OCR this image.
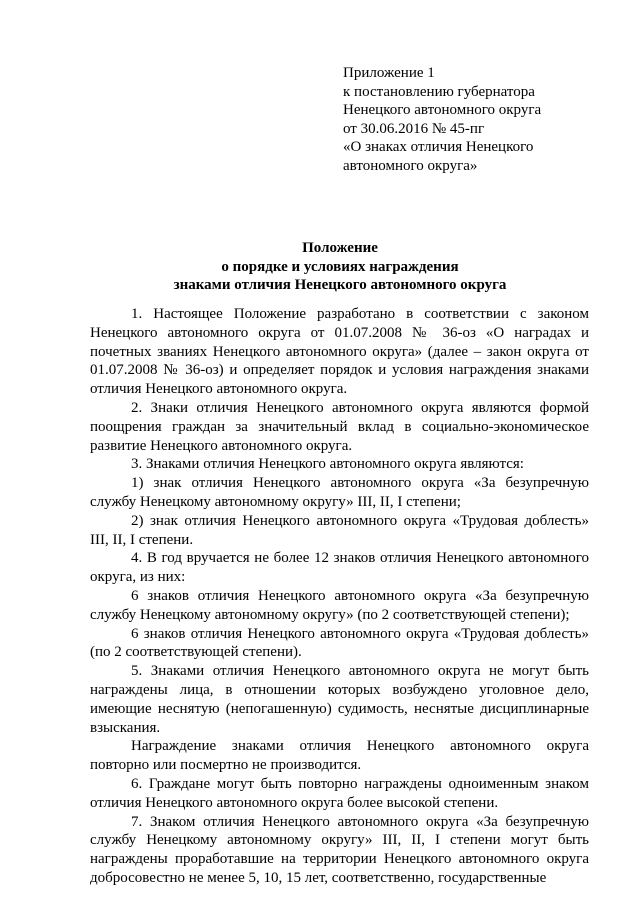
Приложение 1
к постановлению губернатора
Ненецкого автономного округа
от 30.06.2016 № 45-пг
«О знаках отличия Ненецкого
автономного округа»
Положение
о порядке и условиях награждения
знаками отличия Ненецкого автономного округа

1. Настоящее Положение разработано в соответствии с законом Ненецкого автономного округа от 01.07.2008 № 36-оз «О наградах и почетных званиях Ненецкого автономного округа» (далее – закон округа от 01.07.2008 № 36-оз) и определяет порядок и условия награждения знаками отличия Ненецкого автономного округа.

2. Знаки отличия Ненецкого автономного округа являются формой поощрения граждан за значительный вклад в социально-экономическое развитие Ненецкого автономного округа.

3. Знаками отличия Ненецкого автономного округа являются:

1) знак отличия Ненецкого автономного округа «За безупречную службу Ненецкому автономному округу» III, II, I степени;

2) знак отличия Ненецкого автономного округа «Трудовая доблесть» III, II, I степени.

4. В год вручается не более 12 знаков отличия Ненецкого автономного округа, из них:

6 знаков отличия Ненецкого автономного округа «За безупречную службу Ненецкому автономному округу» (по 2 соответствующей степени);

6 знаков отличия Ненецкого автономного округа «Трудовая доблесть» (по 2 соответствующей степени).

5. Знаками отличия Ненецкого автономного округа не могут быть награждены лица, в отношении которых возбуждено уголовное дело, имеющие неснятую (непогашенную) судимость, неснятые дисциплинарные взыскания.

Награждение знаками отличия Ненецкого автономного округа повторно или посмертно не производится.

6. Граждане могут быть повторно награждены одноименным знаком отличия Ненецкого автономного округа более высокой степени.

7. Знаком отличия Ненецкого автономного округа «За безупречную службу Ненецкому автономному округу» III, II, I степени могут быть награждены проработавшие на территории Ненецкого автономного округа добросовестно не менее 5, 10, 15 лет, соответственно, государственные
